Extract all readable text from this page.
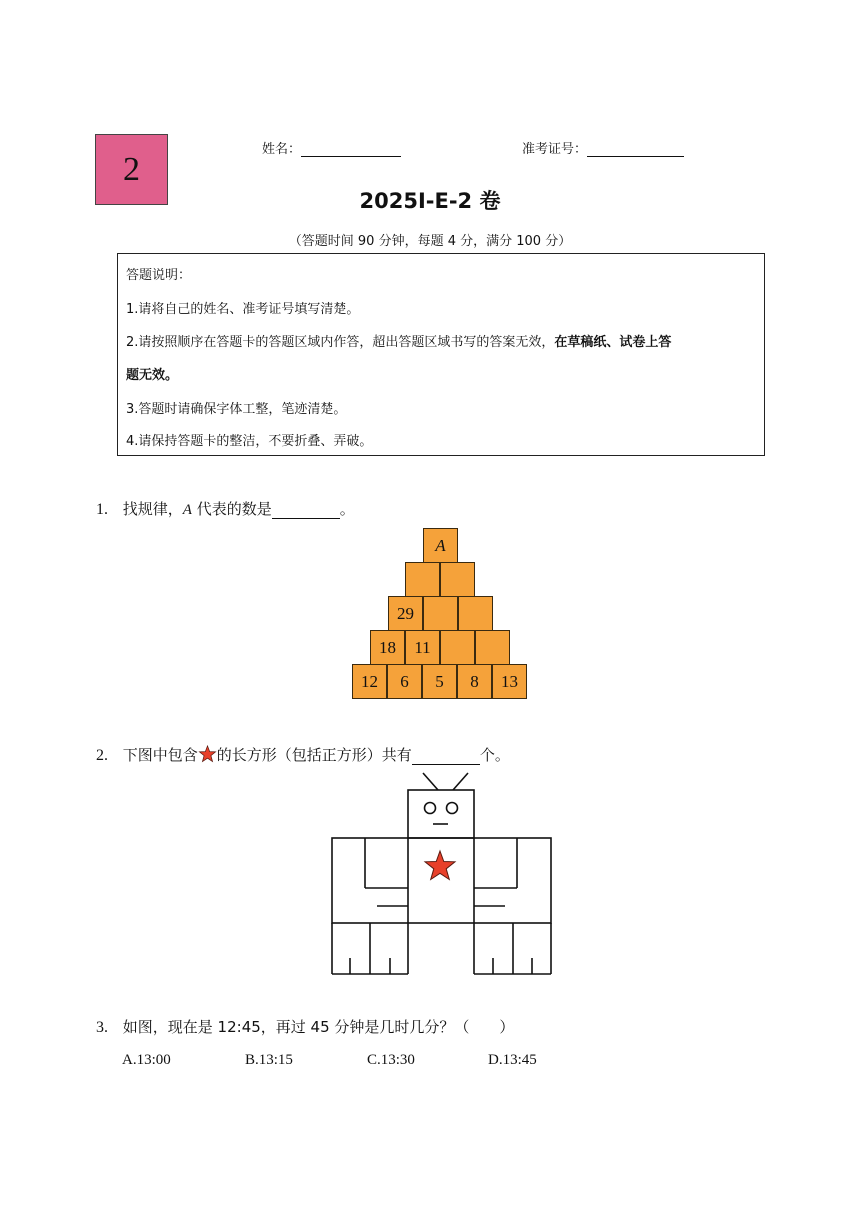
2
姓名：	准考证号：
2025I-E-2 卷
（答题时间 90 分钟，每题 4 分，满分 100 分）
答题说明：
1.请将自己的姓名、准考证号填写清楚。
2.请按照顺序在答题卡的答题区域内作答，超出答题区域书写的答案无效，在草稿纸、试卷上答
题无效。
3.答题时请确保字体工整，笔迹清楚。
4.请保持答题卡的整洁，不要折叠、弄破。
1. 找规律，A 代表的数是	。
A
29
18	11
12	6	5	8	13
2. 下图中包含 的长方形（包括正方形）共有	个。
3. 如图，现在是 12:45，再过 45 分钟是几时几分？（　　）
A.13:00	B.13:15	C.13:30	D.13:45
